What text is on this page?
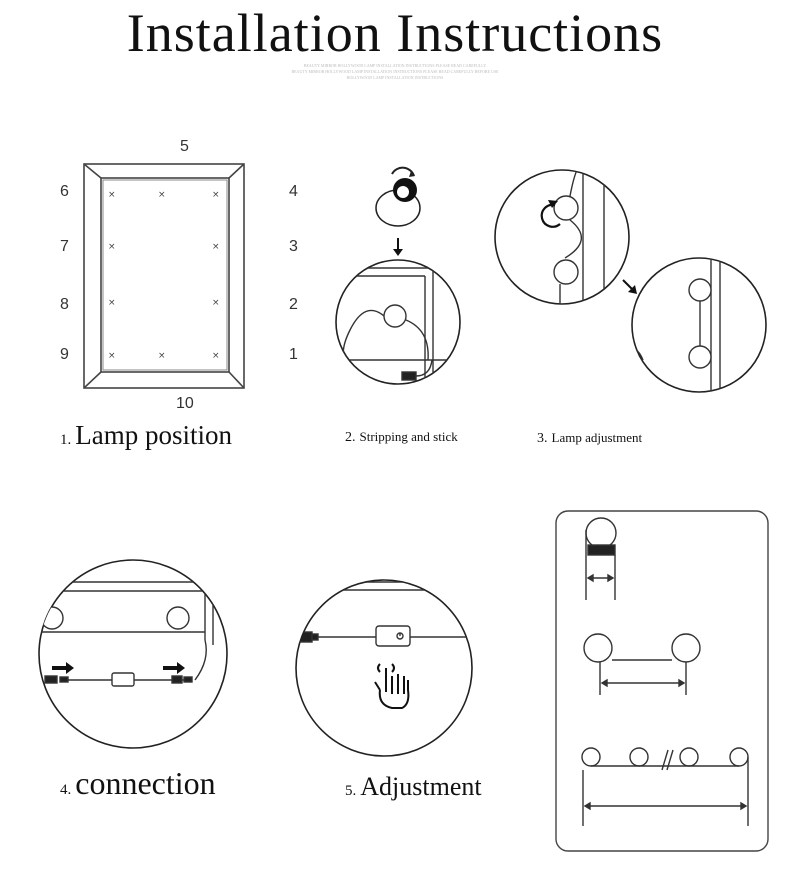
Installation Instructions
BEAUTY MIRROR HOLLYWOOD LAMP INSTALLATION INSTRUCTIONS PLEASE READ CAREFULLY
BEAUTY MIRROR HOLLYWOOD LAMP INSTALLATION INSTRUCTIONS PLEASE READ CAREFULLY BEFORE USE
HOLLYWOOD LAMP INSTALLATION INSTRUCTIONS
5
10
6
7
8
9
4
3
2
1
1. Lamp position	2. Stripping and stick	3. Lamp adjustment
4. connection	5. Adjustment
×	×	×
×	×
×	×
×	×	×
